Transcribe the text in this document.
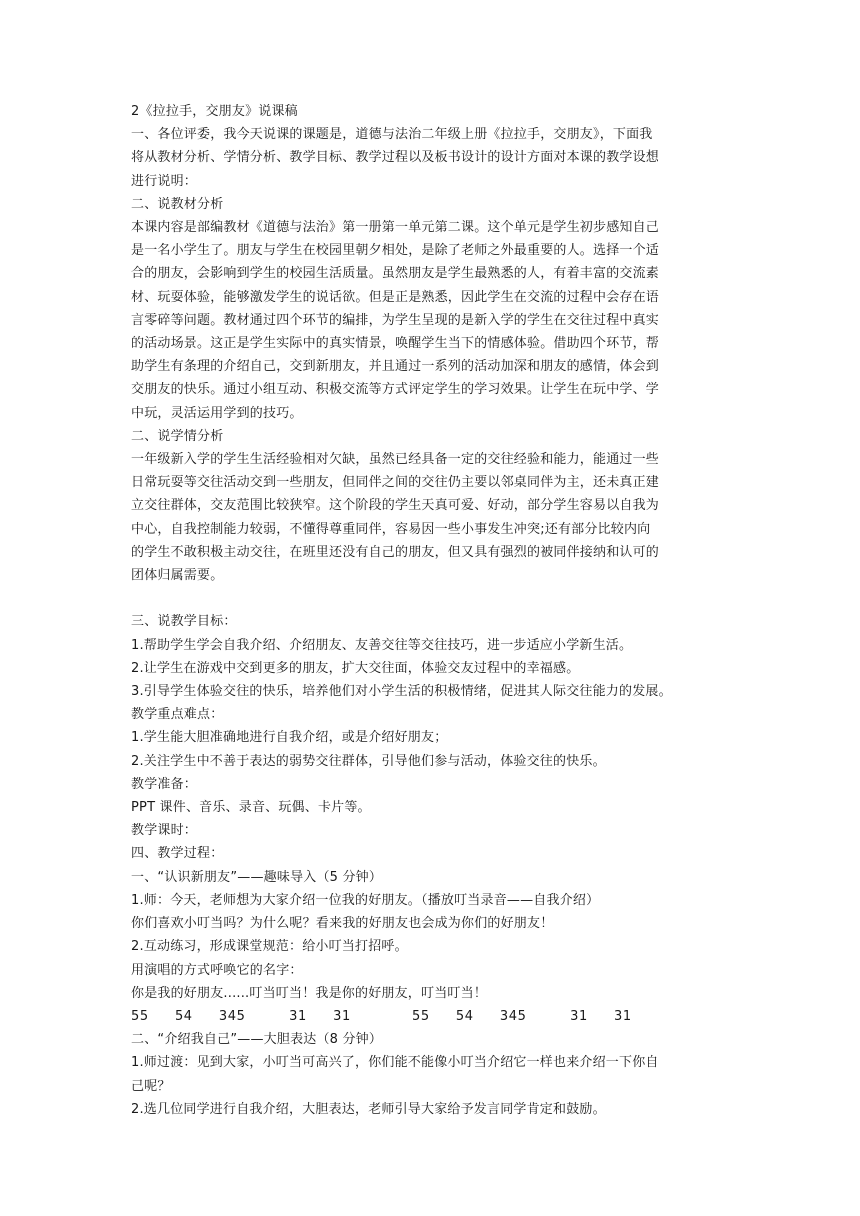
2《拉拉手，交朋友》说课稿
一、各位评委，我今天说课的课题是，道德与法治二年级上册《拉拉手，交朋友》，下面我
将从教材分析、学情分析、教学目标、教学过程以及板书设计的设计方面对本课的教学设想
进行说明：
二、说教材分析
本课内容是部编教材《道德与法治》第一册第一单元第二课。这个单元是学生初步感知自己
是一名小学生了。朋友与学生在校园里朝夕相处，是除了老师之外最重要的人。选择一个适
合的朋友，会影响到学生的校园生活质量。虽然朋友是学生最熟悉的人，有着丰富的交流素
材、玩耍体验，能够激发学生的说话欲。但是正是熟悉，因此学生在交流的过程中会存在语
言零碎等问题。教材通过四个环节的编排，为学生呈现的是新入学的学生在交往过程中真实
的活动场景。这正是学生实际中的真实情景，唤醒学生当下的情感体验。借助四个环节，帮
助学生有条理的介绍自己，交到新朋友，并且通过一系列的活动加深和朋友的感情，体会到
交朋友的快乐。通过小组互动、积极交流等方式评定学生的学习效果。让学生在玩中学、学
中玩，灵活运用学到的技巧。
二、说学情分析
一年级新入学的学生生活经验相对欠缺，虽然已经具备一定的交往经验和能力，能通过一些
日常玩耍等交往活动交到一些朋友，但同伴之间的交往仍主要以邻桌同伴为主，还未真正建
立交往群体，交友范围比较狭窄。这个阶段的学生天真可爱、好动，部分学生容易以自我为
中心，自我控制能力较弱，不懂得尊重同伴，容易因一些小事发生冲突;还有部分比较内向
的学生不敢积极主动交往，在班里还没有自己的朋友，但又具有强烈的被同伴接纳和认可的
团体归属需要。
三、说教学目标：
1.帮助学生学会自我介绍、介绍朋友、友善交往等交往技巧，进一步适应小学新生活。
2.让学生在游戏中交到更多的朋友，扩大交往面，体验交友过程中的幸福感。
3.引导学生体验交往的快乐，培养他们对小学生活的积极情绪，促进其人际交往能力的发展。
教学重点难点：
1.学生能大胆准确地进行自我介绍，或是介绍好朋友；
2.关注学生中不善于表达的弱势交往群体，引导他们参与活动，体验交往的快乐。
教学准备：
PPT 课件、音乐、录音、玩偶、卡片等。
教学课时：
四、教学过程：
一、“认识新朋友”——趣味导入（5 分钟）
1.师：今天，老师想为大家介绍一位我的好朋友。（播放叮当录音——自我介绍）
你们喜欢小叮当吗？为什么呢？看来我的好朋友也会成为你们的好朋友！
2.互动练习，形成课堂规范：给小叮当打招呼。
用演唱的方式呼唤它的名字：
你是我的好朋友......叮当叮当！我是你的好朋友，叮当叮当！
55   54   345     31   31       55   54   345     31   31
二、“介绍我自己”——大胆表达（8 分钟）
1.师过渡：见到大家，小叮当可高兴了，你们能不能像小叮当介绍它一样也来介绍一下你自
己呢？
2.选几位同学进行自我介绍，大胆表达，老师引导大家给予发言同学肯定和鼓励。
